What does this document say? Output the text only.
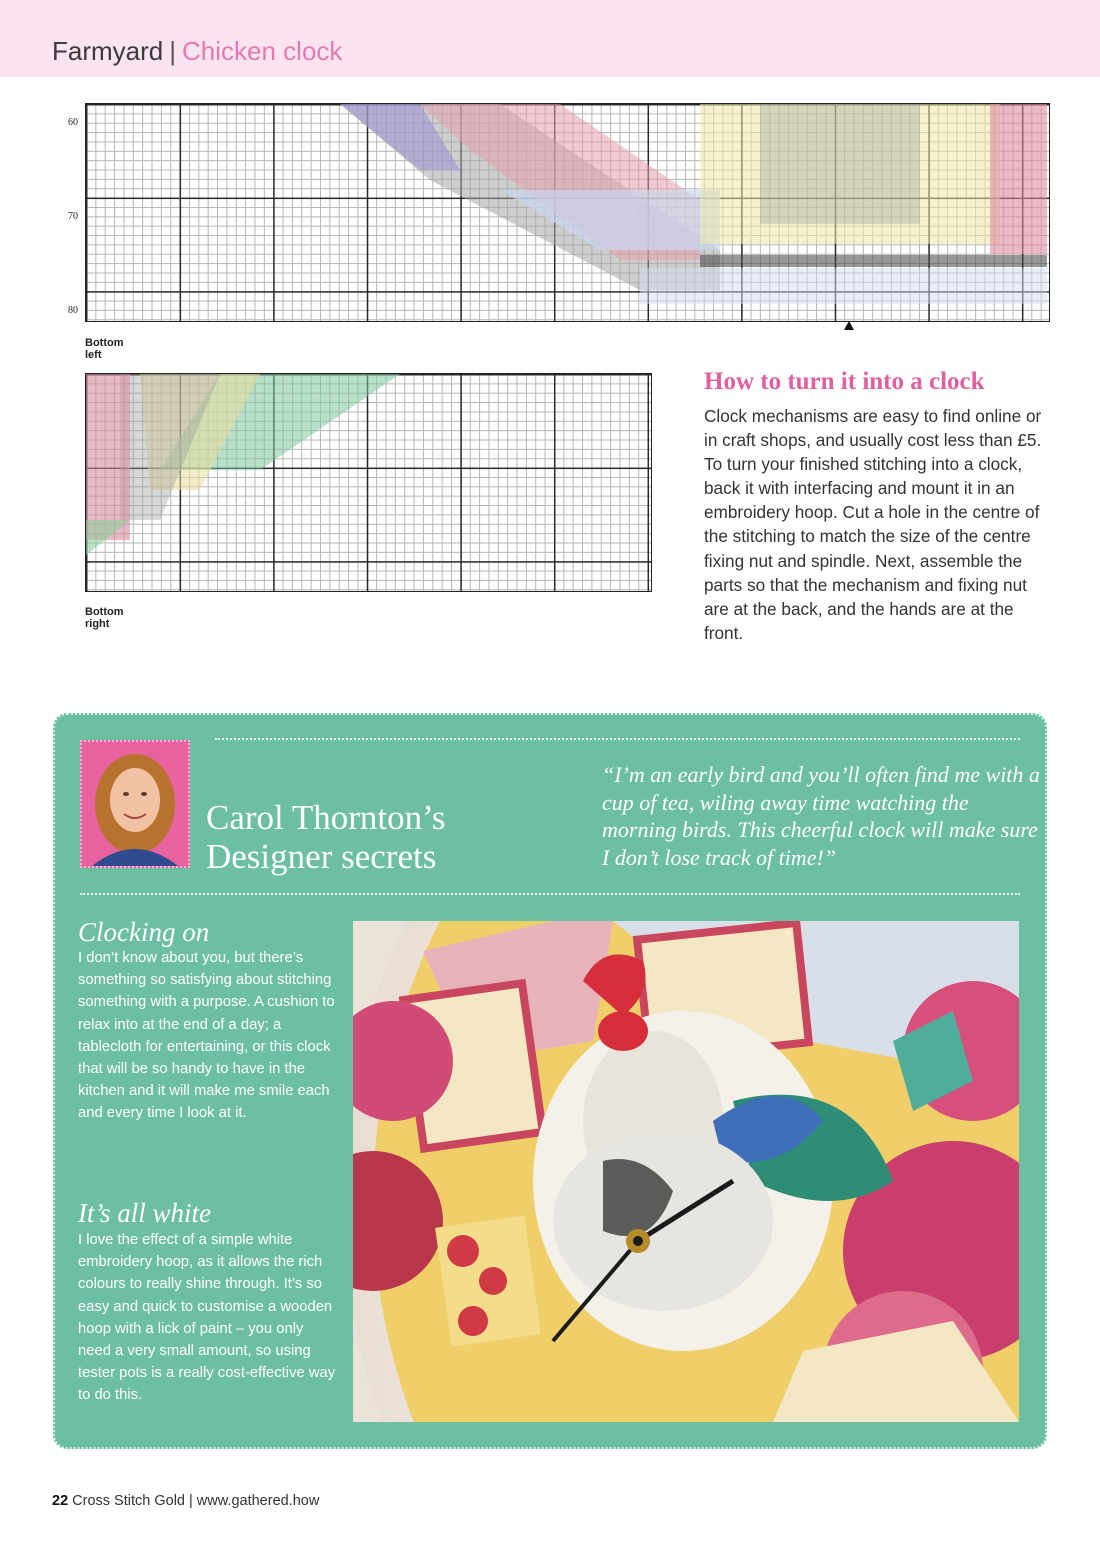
Farmyard | Chicken clock
60
70
80
Bottom left
Bottom right
How to turn it into a clock
Clock mechanisms are easy to find online or in craft shops, and usually cost less than £5. To turn your finished stitching into a clock, back it with interfacing and mount it in an embroidery hoop. Cut a hole in the centre of the stitching to match the size of the centre fixing nut and spindle. Next, assemble the parts so that the mechanism and fixing nut are at the back, and the hands are at the front.
Carol Thornton’s
Designer secrets
“I’m an early bird and you’ll often find me with a cup of tea, wiling away time watching the morning birds. This cheerful clock will make sure I don’t lose track of time!”
Clocking on
I don’t know about you, but there’s something so satisfying about stitching something with a purpose. A cushion to relax into at the end of a day; a tablecloth for entertaining, or this clock that will be so handy to have in the kitchen and it will make me smile each and every time I look at it.
It’s all white
I love the effect of a simple white embroidery hoop, as it allows the rich colours to really shine through. It’s so easy and quick to customise a wooden hoop with a lick of paint – you only need a very small amount, so using tester pots is a really cost-effective way to do this.
22 Cross Stitch Gold | www.gathered.how
